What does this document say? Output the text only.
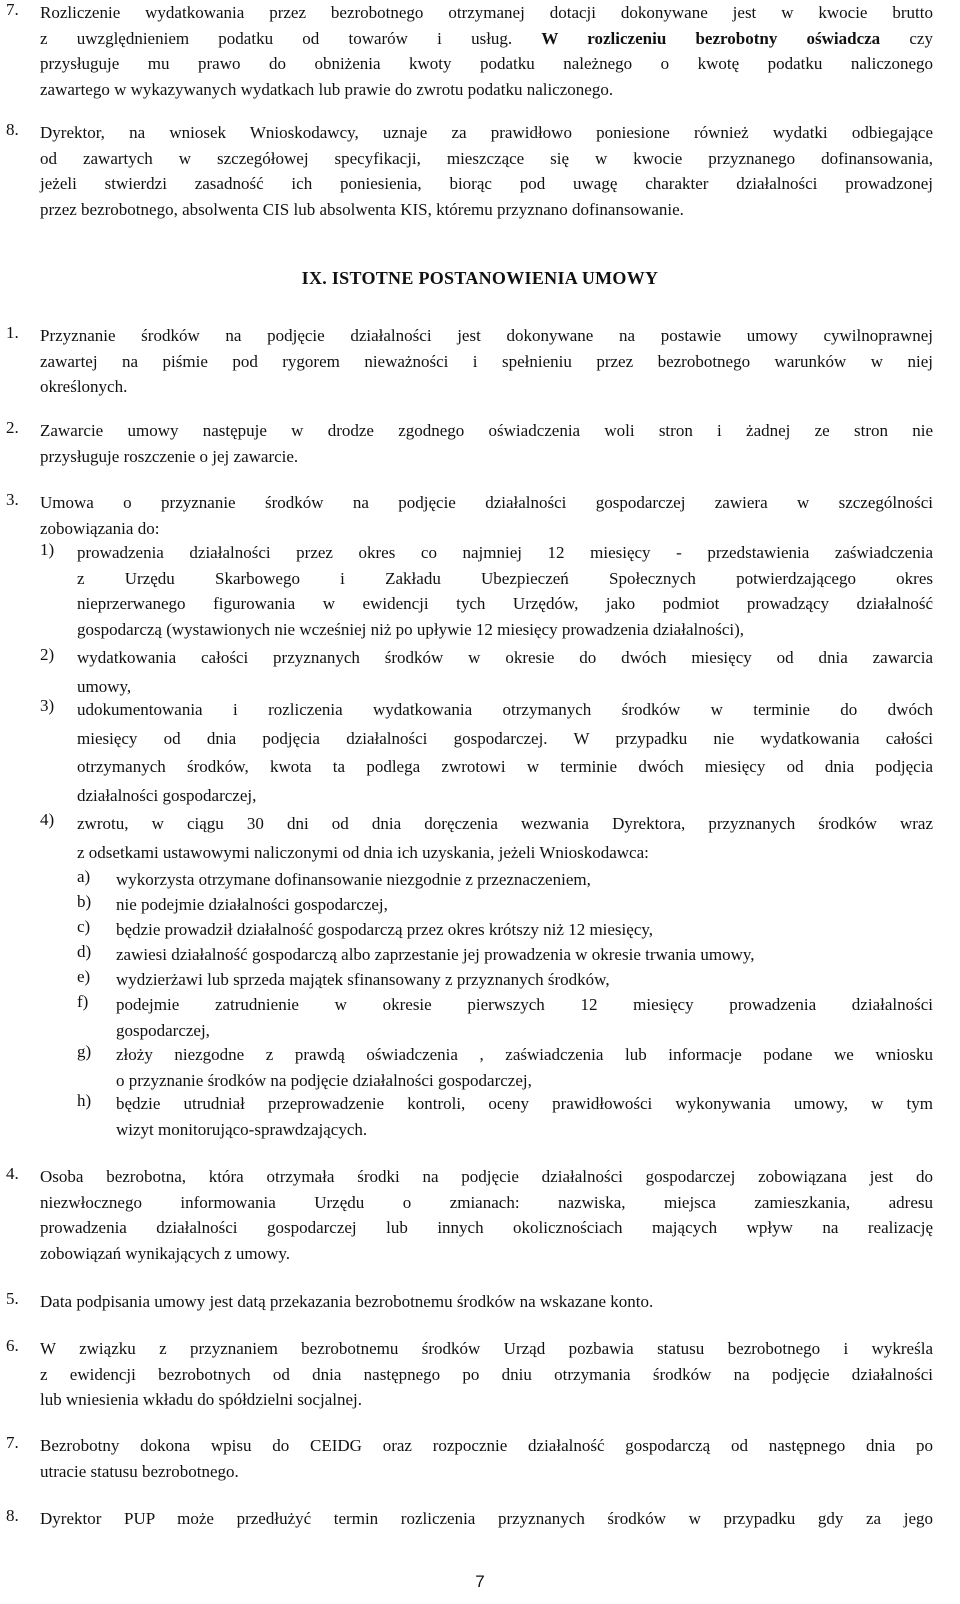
7.	Rozliczenie wydatkowania przez bezrobotnego otrzymanej dotacji dokonywane jest w kwocie brutto
z uwzględnieniem podatku od towarów i usług. W rozliczeniu bezrobotny oświadcza czy
przysługuje mu prawo do obniżenia kwoty podatku należnego o kwotę podatku naliczonego
zawartego w wykazywanych wydatkach lub prawie do zwrotu podatku naliczonego.
8.	Dyrektor, na wniosek Wnioskodawcy, uznaje za prawidłowo poniesione również wydatki odbiegające
od zawartych w szczegółowej specyfikacji, mieszczące się w kwocie przyznanego dofinansowania,
jeżeli stwierdzi zasadność ich poniesienia, biorąc pod uwagę charakter działalności prowadzonej
przez bezrobotnego, absolwenta CIS lub absolwenta KIS, któremu przyznano dofinansowanie.
IX. ISTOTNE POSTANOWIENIA UMOWY
1.	Przyznanie środków na podjęcie działalności jest dokonywane na postawie umowy cywilnoprawnej
zawartej na piśmie pod rygorem nieważności i spełnieniu przez bezrobotnego warunków w niej
określonych.
2.	Zawarcie umowy następuje w drodze zgodnego oświadczenia woli stron i żadnej ze stron nie
przysługuje roszczenie o jej zawarcie.
3.	Umowa o przyznanie środków na podjęcie działalności gospodarczej zawiera w szczególności
zobowiązania do:
1)	prowadzenia działalności przez okres co najmniej 12 miesięcy - przedstawienia zaświadczenia
z Urzędu Skarbowego i Zakładu Ubezpieczeń Społecznych potwierdzającego okres
nieprzerwanego figurowania w ewidencji tych Urzędów, jako podmiot prowadzący działalność
gospodarczą (wystawionych nie wcześniej niż po upływie 12 miesięcy prowadzenia działalności),
2)	wydatkowania całości przyznanych środków w okresie do dwóch miesięcy od dnia zawarcia
umowy,
3)	udokumentowania i rozliczenia wydatkowania otrzymanych środków w terminie do dwóch
miesięcy od dnia podjęcia działalności gospodarczej. W przypadku nie wydatkowania całości
otrzymanych środków, kwota ta podlega zwrotowi w terminie dwóch miesięcy od dnia podjęcia
działalności gospodarczej,
4)	zwrotu, w ciągu 30 dni od dnia doręczenia wezwania Dyrektora, przyznanych środków wraz
z odsetkami ustawowymi naliczonymi od dnia ich uzyskania, jeżeli Wnioskodawca:
a)	wykorzysta otrzymane dofinansowanie niezgodnie z przeznaczeniem,
b)	nie podejmie działalności gospodarczej,
c)	będzie prowadził działalność gospodarczą przez okres krótszy niż 12 miesięcy,
d)	zawiesi działalność gospodarczą albo zaprzestanie jej prowadzenia w okresie trwania umowy,
e)	wydzierżawi lub sprzeda majątek sfinansowany z przyznanych środków,
f)	podejmie zatrudnienie w okresie pierwszych 12 miesięcy prowadzenia działalności
gospodarczej,
g)	złoży niezgodne z prawdą oświadczenia , zaświadczenia lub informacje podane we wniosku
o przyznanie środków na podjęcie działalności gospodarczej,
h)	będzie utrudniał przeprowadzenie kontroli, oceny prawidłowości wykonywania umowy, w tym
wizyt monitorująco-sprawdzających.
4.	Osoba bezrobotna, która otrzymała środki na podjęcie działalności gospodarczej zobowiązana jest do
niezwłocznego informowania Urzędu o zmianach: nazwiska, miejsca zamieszkania, adresu
prowadzenia działalności gospodarczej lub innych okolicznościach mających wpływ na realizację
zobowiązań wynikających z umowy.
5.	Data podpisania umowy jest datą przekazania bezrobotnemu środków na wskazane konto.
6.	W związku z przyznaniem bezrobotnemu środków Urząd pozbawia statusu bezrobotnego i wykreśla
z ewidencji bezrobotnych od dnia następnego po dniu otrzymania środków na podjęcie działalności
lub wniesienia wkładu do spółdzielni socjalnej.
7.	Bezrobotny dokona wpisu do CEIDG oraz rozpocznie działalność gospodarczą od następnego dnia po
utracie statusu bezrobotnego.
8.	Dyrektor PUP może przedłużyć termin rozliczenia przyznanych środków w przypadku gdy za jego
7
